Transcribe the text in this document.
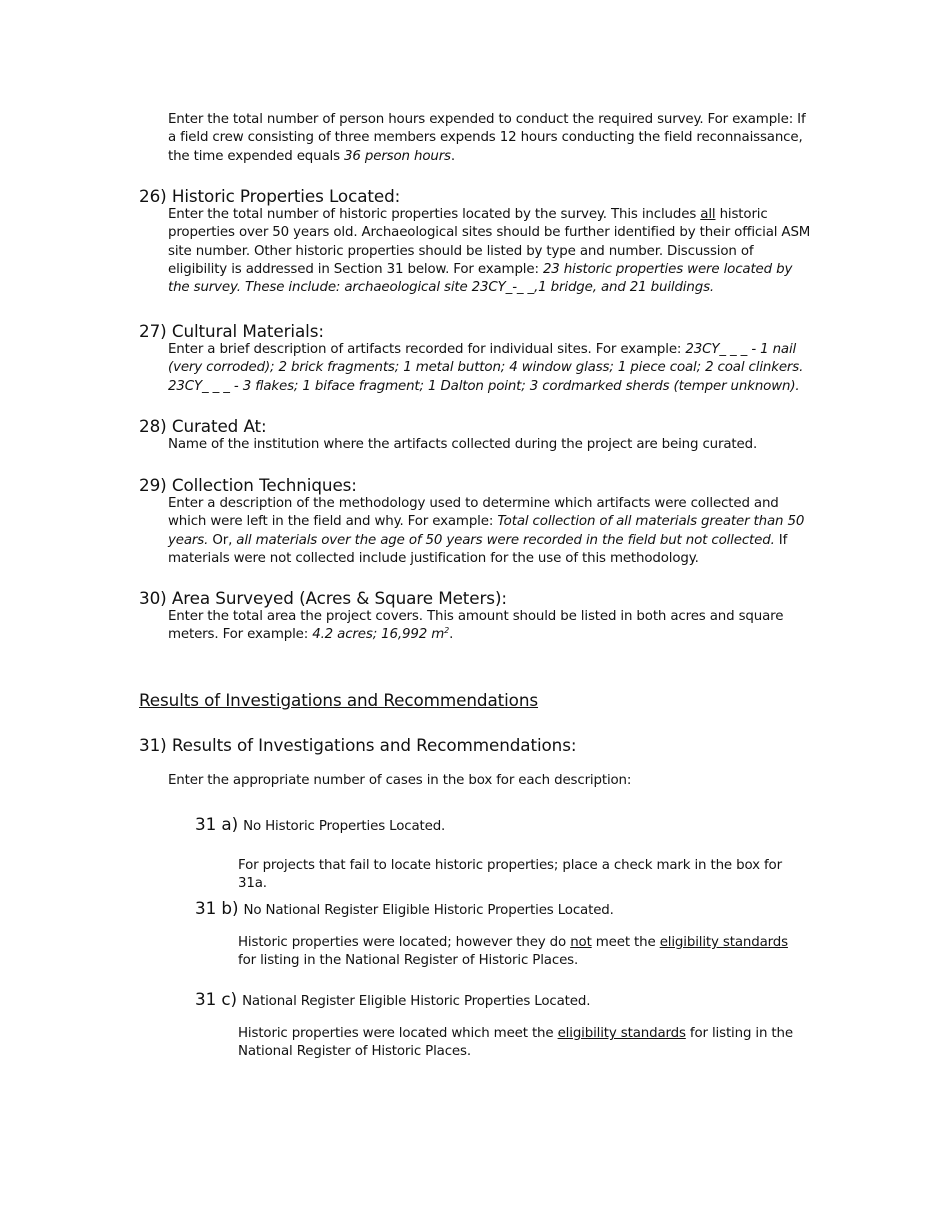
Enter the total number of person hours expended to conduct the required survey. For example: If a field crew consisting of three members expends 12 hours conducting the field reconnaissance, the time expended equals 36 person hours.

26) Historic Properties Located:

Enter the total number of historic properties located by the survey. This includes all historic properties over 50 years old. Archaeological sites should be further identified by their official ASM site number. Other historic properties should be listed by type and number. Discussion of eligibility is addressed in Section 31 below. For example: 23 historic properties were located by the survey. These include: archaeological site 23CY_-_ _,1 bridge, and 21 buildings.

27) Cultural Materials:

Enter a brief description of artifacts recorded for individual sites. For example: 23CY_ _ _ - 1 nail (very corroded); 2 brick fragments; 1 metal button; 4 window glass; 1 piece coal; 2 coal clinkers. 23CY_ _ _ - 3 flakes; 1 biface fragment; 1 Dalton point; 3 cordmarked sherds (temper unknown).

28) Curated At:

Name of the institution where the artifacts collected during the project are being curated.

29) Collection Techniques:

Enter a description of the methodology used to determine which artifacts were collected and which were left in the field and why. For example: Total collection of all materials greater than 50 years. Or, all materials over the age of 50 years were recorded in the field but not collected. If materials were not collected include justification for the use of this methodology.

30) Area Surveyed (Acres & Square Meters):

Enter the total area the project covers. This amount should be listed in both acres and square meters. For example: 4.2 acres; 16,992 $m^2$.

Results of Investigations and Recommendations
31) Results of Investigations and Recommendations:

Enter the appropriate number of cases in the box for each description:

31 a) No Historic Properties Located.

For projects that fail to locate historic properties; place a check mark in the box for 31a.

31 b) No National Register Eligible Historic Properties Located.

Historic properties were located; however they do not meet the eligibility standards for listing in the National Register of Historic Places.

31 c) National Register Eligible Historic Properties Located.

Historic properties were located which meet the eligibility standards for listing in the National Register of Historic Places.
